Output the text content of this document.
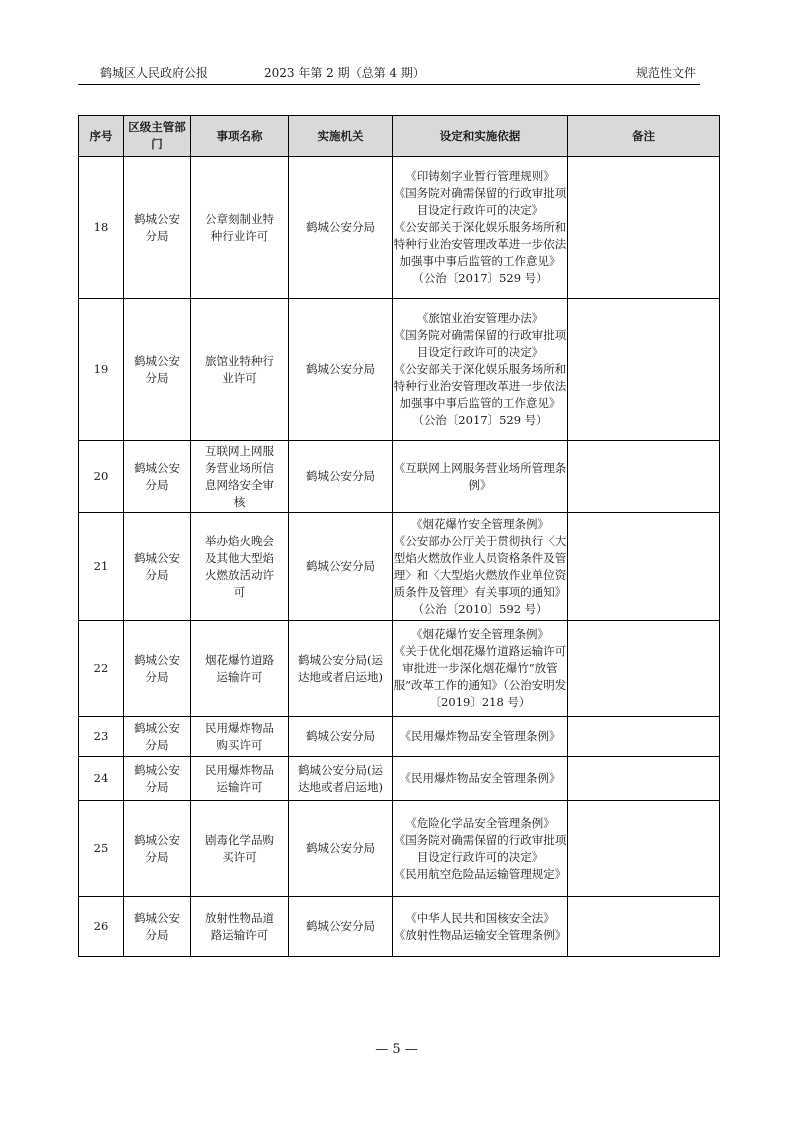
鹤城区人民政府公报	2023 年第 2 期（总第 4 期）	规范性文件
序号	区级主管部门	事项名称	实施机关	设定和实施依据	备注
18	鹤城公安分局	公章刻制业特种行业许可	鹤城公安分局	《印铸刻字业暂行管理规则》
《国务院对确需保留的行政审批项目设定行政许可的决定》
《公安部关于深化娱乐服务场所和特种行业治安管理改革进一步依法加强事中事后监管的工作意见》（公治〔2017〕529 号）	

19	鹤城公安分局	旅馆业特种行业许可	鹤城公安分局	《旅馆业治安管理办法》
《国务院对确需保留的行政审批项目设定行政许可的决定》
《公安部关于深化娱乐服务场所和特种行业治安管理改革进一步依法加强事中事后监管的工作意见》（公治〔2017〕529 号）	

20	鹤城公安分局	互联网上网服务营业场所信息网络安全审核	鹤城公安分局	《互联网上网服务营业场所管理条例》	

21	鹤城公安分局	举办焰火晚会及其他大型焰火燃放活动许可	鹤城公安分局	《烟花爆竹安全管理条例》
《公安部办公厅关于贯彻执行〈大型焰火燃放作业人员资格条件及管理〉和〈大型焰火燃放作业单位资质条件及管理〉有关事项的通知》（公治〔2010〕592 号）	

22	鹤城公安分局	烟花爆竹道路运输许可	鹤城公安分局(运达地或者启运地)	《烟花爆竹安全管理条例》
《关于优化烟花爆竹道路运输许可审批进一步深化烟花爆竹“放管服”改革工作的通知》（公治安明发〔2019〕218 号）	

23	鹤城公安分局	民用爆炸物品购买许可	鹤城公安分局	《民用爆炸物品安全管理条例》	

24	鹤城公安分局	民用爆炸物品运输许可	鹤城公安分局(运达地或者启运地)	《民用爆炸物品安全管理条例》	

25	鹤城公安分局	剧毒化学品购买许可	鹤城公安分局	《危险化学品安全管理条例》
《国务院对确需保留的行政审批项目设定行政许可的决定》
《民用航空危险品运输管理规定》	

26	鹤城公安分局	放射性物品道路运输许可	鹤城公安分局	《中华人民共和国核安全法》
《放射性物品运输安全管理条例》	

— 5 —
